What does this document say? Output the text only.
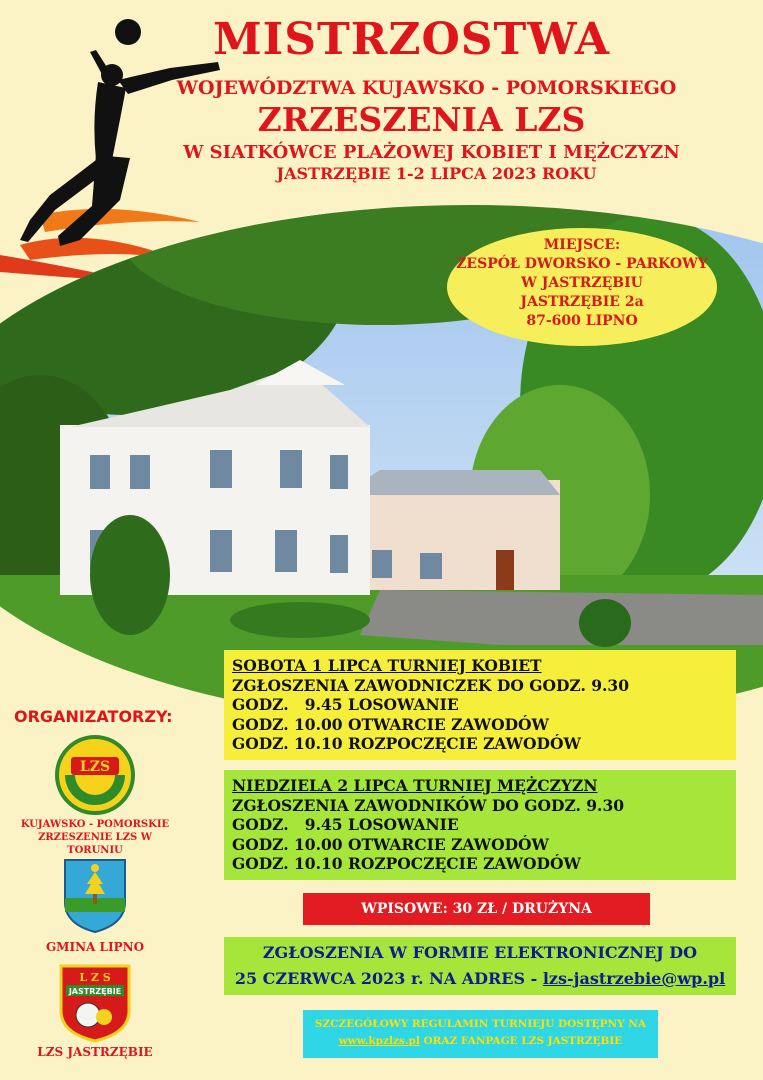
MISTRZOSTWA
WOJEWÓDZTWA KUJAWSKO - POMORSKIEGO
ZRZESZENIA LZS
W SIATKÓWCE PLAŻOWEJ KOBIET I MĘŻCZYZN
JASTRZĘBIE 1-2 LIPCA 2023 ROKU
MIEJSCE:
ZESPÓŁ DWORSKO - PARKOWY
W JASTRZĘBIU
JASTRZĘBIE 2a
87-600 LIPNO
SOBOTA 1 LIPCA TURNIEJ KOBIET
ZGŁOSZENIA ZAWODNICZEK DO GODZ. 9.30
GODZ.   9.45 LOSOWANIE
GODZ. 10.00 OTWARCIE ZAWODÓW
GODZ. 10.10 ROZPOCZĘCIE ZAWODÓW
NIEDZIELA 2 LIPCA TURNIEJ MĘŻCZYZN
ZGŁOSZENIA ZAWODNIKÓW DO GODZ. 9.30
GODZ.   9.45 LOSOWANIE
GODZ. 10.00 OTWARCIE ZAWODÓW
GODZ. 10.10 ROZPOCZĘCIE ZAWODÓW
WPISOWE: 30 ZŁ / DRUŻYNA
ZGŁOSZENIA W FORMIE ELEKTRONICZNEJ DO
25 CZERWCA 2023 r. NA ADRES - lzs-jastrzebie@wp.pl
SZCZEGÓŁOWY REGULAMIN TURNIEJU DOSTĘPNY NA
www.kpzlzs.pl ORAZ FANPAGE LZS JASTRZĘBIE
ORGANIZATORZY:
LZS
KUJAWSKO - POMORSKIE
ZRZESZENIE LZS W TORUNIU
GMINA LIPNO
L Z S
JASTRZĘBIE
LZS JASTRZĘBIE
